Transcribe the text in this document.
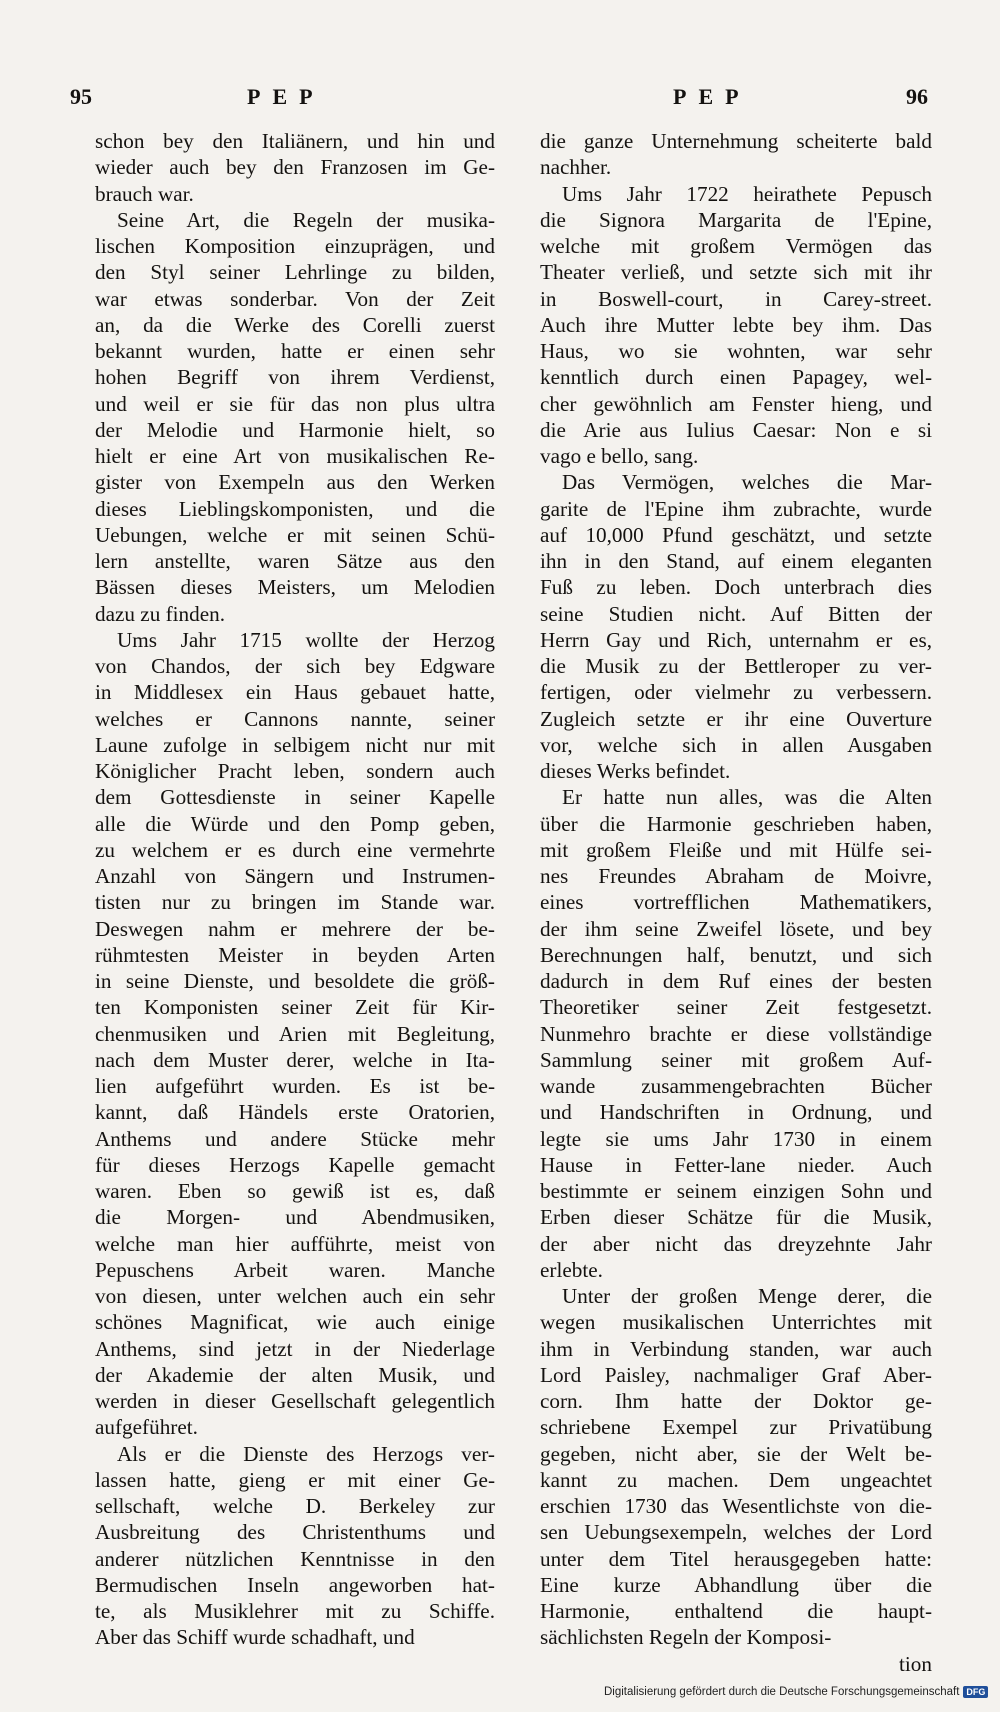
95	PEP	PEP	96

schon bey den Italiänern, und hin und
wieder auch bey den Franzosen im Ge-
brauch war.

Seine Art, die Regeln der musika-
lischen Komposition einzuprägen, und
den Styl seiner Lehrlinge zu bilden,
war etwas sonderbar. Von der Zeit
an, da die Werke des Corelli zuerst
bekannt wurden, hatte er einen sehr
hohen Begriff von ihrem Verdienst,
und weil er sie für das non plus ultra
der Melodie und Harmonie hielt, so
hielt er eine Art von musikalischen Re-
gister von Exempeln aus den Werken
dieses Lieblingskomponisten, und die
Uebungen, welche er mit seinen Schü-
lern anstellte, waren Sätze aus den
Bässen dieses Meisters, um Melodien
dazu zu finden.

Ums Jahr 1715 wollte der Herzog
von Chandos, der sich bey Edgware
in Middlesex ein Haus gebauet hatte,
welches er Cannons nannte, seiner
Laune zufolge in selbigem nicht nur mit
Königlicher Pracht leben, sondern auch
dem Gottesdienste in seiner Kapelle
alle die Würde und den Pomp geben,
zu welchem er es durch eine vermehrte
Anzahl von Sängern und Instrumen-
tisten nur zu bringen im Stande war.
Deswegen nahm er mehrere der be-
rühmtesten Meister in beyden Arten
in seine Dienste, und besoldete die größ-
ten Komponisten seiner Zeit für Kir-
chenmusiken und Arien mit Begleitung,
nach dem Muster derer, welche in Ita-
lien aufgeführt wurden. Es ist be-
kannt, daß Händels erste Oratorien,
Anthems und andere Stücke mehr
für dieses Herzogs Kapelle gemacht
waren. Eben so gewiß ist es, daß
die Morgen- und Abendmusiken,
welche man hier aufführte, meist von
Pepuschens Arbeit waren. Manche
von diesen, unter welchen auch ein sehr
schönes Magnificat, wie auch einige
Anthems, sind jetzt in der Niederlage
der Akademie der alten Musik, und
werden in dieser Gesellschaft gelegentlich
aufgeführet.

Als er die Dienste des Herzogs ver-
lassen hatte, gieng er mit einer Ge-
sellschaft, welche D. Berkeley zur
Ausbreitung des Christenthums und
anderer nützlichen Kenntnisse in den
Bermudischen Inseln angeworben hat-
te, als Musiklehrer mit zu Schiffe.
Aber das Schiff wurde schadhaft, und

die ganze Unternehmung scheiterte bald
nachher.

Ums Jahr 1722 heirathete Pepusch
die Signora Margarita de l'Epine,
welche mit großem Vermögen das
Theater verließ, und setzte sich mit ihr
in Boswell-court, in Carey-street.
Auch ihre Mutter lebte bey ihm. Das
Haus, wo sie wohnten, war sehr
kenntlich durch einen Papagey, wel-
cher gewöhnlich am Fenster hieng, und
die Arie aus Iulius Caesar: Non e si
vago e bello, sang.

Das Vermögen, welches die Mar-
garite de l'Epine ihm zubrachte, wurde
auf 10,000 Pfund geschätzt, und setzte
ihn in den Stand, auf einem eleganten
Fuß zu leben. Doch unterbrach dies
seine Studien nicht. Auf Bitten der
Herrn Gay und Rich, unternahm er es,
die Musik zu der Bettleroper zu ver-
fertigen, oder vielmehr zu verbessern.
Zugleich setzte er ihr eine Ouverture
vor, welche sich in allen Ausgaben
dieses Werks befindet.

Er hatte nun alles, was die Alten
über die Harmonie geschrieben haben,
mit großem Fleiße und mit Hülfe sei-
nes Freundes Abraham de Moivre,
eines vortrefflichen Mathematikers,
der ihm seine Zweifel lösete, und bey
Berechnungen half, benutzt, und sich
dadurch in dem Ruf eines der besten
Theoretiker seiner Zeit festgesetzt.
Nunmehro brachte er diese vollständige
Sammlung seiner mit großem Auf-
wande zusammengebrachten Bücher
und Handschriften in Ordnung, und
legte sie ums Jahr 1730 in einem
Hause in Fetter-lane nieder. Auch
bestimmte er seinem einzigen Sohn und
Erben dieser Schätze für die Musik,
der aber nicht das dreyzehnte Jahr
erlebte.

Unter der großen Menge derer, die
wegen musikalischen Unterrichtes mit
ihm in Verbindung standen, war auch
Lord Paisley, nachmaliger Graf Aber-
corn. Ihm hatte der Doktor ge-
schriebene Exempel zur Privatübung
gegeben, nicht aber, sie der Welt be-
kannt zu machen. Dem ungeachtet
erschien 1730 das Wesentlichste von die-
sen Uebungsexempeln, welches der Lord
unter dem Titel herausgegeben hatte:
Eine kurze Abhandlung über die
Harmonie, enthaltend die haupt-
sächlichsten Regeln der Komposi-

tion

Digitalisierung gefördert durch die Deutsche Forschungsgemeinschaft DFG
